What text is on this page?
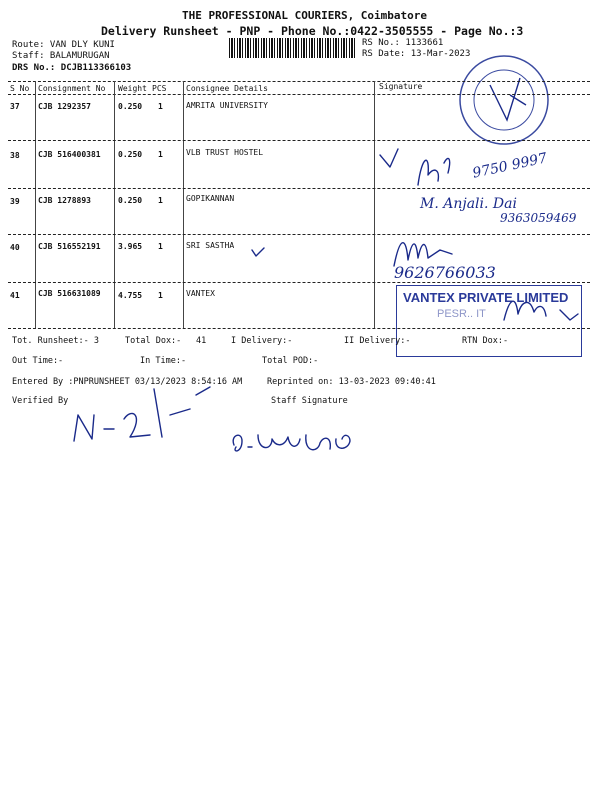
THE PROFESSIONAL COURIERS, Coimbatore
Delivery Runsheet - PNP - Phone No.:0422-3505555 - Page No.:3
Route: VAN DLY KUNI
Staff: BALAMURUGAN
DRS No.: DCJB113366103
RS No.: 1133661
RS Date: 13-Mar-2023
S No Consignment No Weight PCS Consignee Details	Signature
37 CJB 1292357	0.250 1	AMRITA UNIVERSITY
38 CJB 516400381 0.250 1	VLB TRUST HOSTEL	9750 9997
39 CJB 1278893	0.250 1	GOPIKANNAN	M. Anjali. Dai
9363059469
40 CJB 516552191 3.965 1	SRI SASTHA
9626766033
41 CJB 516631089 4.755 1	VANTEX	VANTEX PRIVATE LIMITED
PESR.. IT
Tot. Runsheet:- 3	Total Dox:- 41	I Delivery:-	II Delivery:-	RTN Dox:-
Out Time:-	In Time:-	Total POD:-
Entered By :PNPRUNSHEET 03/13/2023 8:54:16 AM	Reprinted on: 13-03-2023 09:40:41
Verified By	Staff Signature
